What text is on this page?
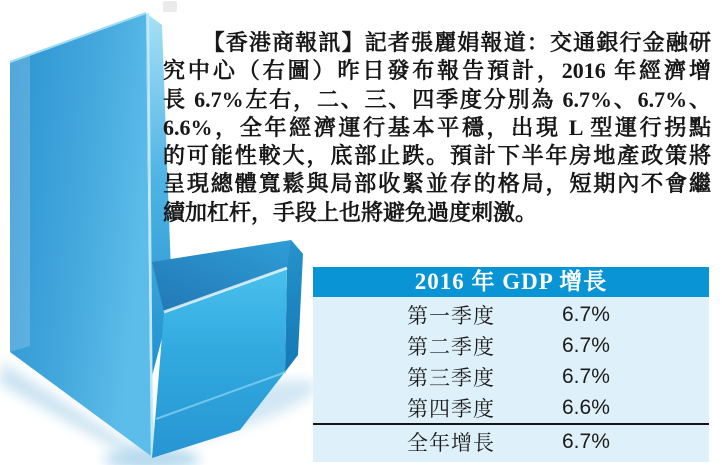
【香港商報訊】記者張麗娟報道：交通銀行金融研
究中心（右圖）昨日發布報告預計，2016 年經濟增
長 6.7%左右，二、三、四季度分別為 6.7%、6.7%、
6.6%，全年經濟運行基本平穩，出現 L 型運行拐點
的可能性較大，底部止跌。預計下半年房地產政策將
呈現總體寬鬆與局部收緊並存的格局，短期內不會繼
續加杠杆，手段上也將避免過度刺激。
2016 年 GDP 增長
第一季度	6.7%
第二季度	6.7%
第三季度	6.7%
第四季度	6.6%
全年增長	6.7%
